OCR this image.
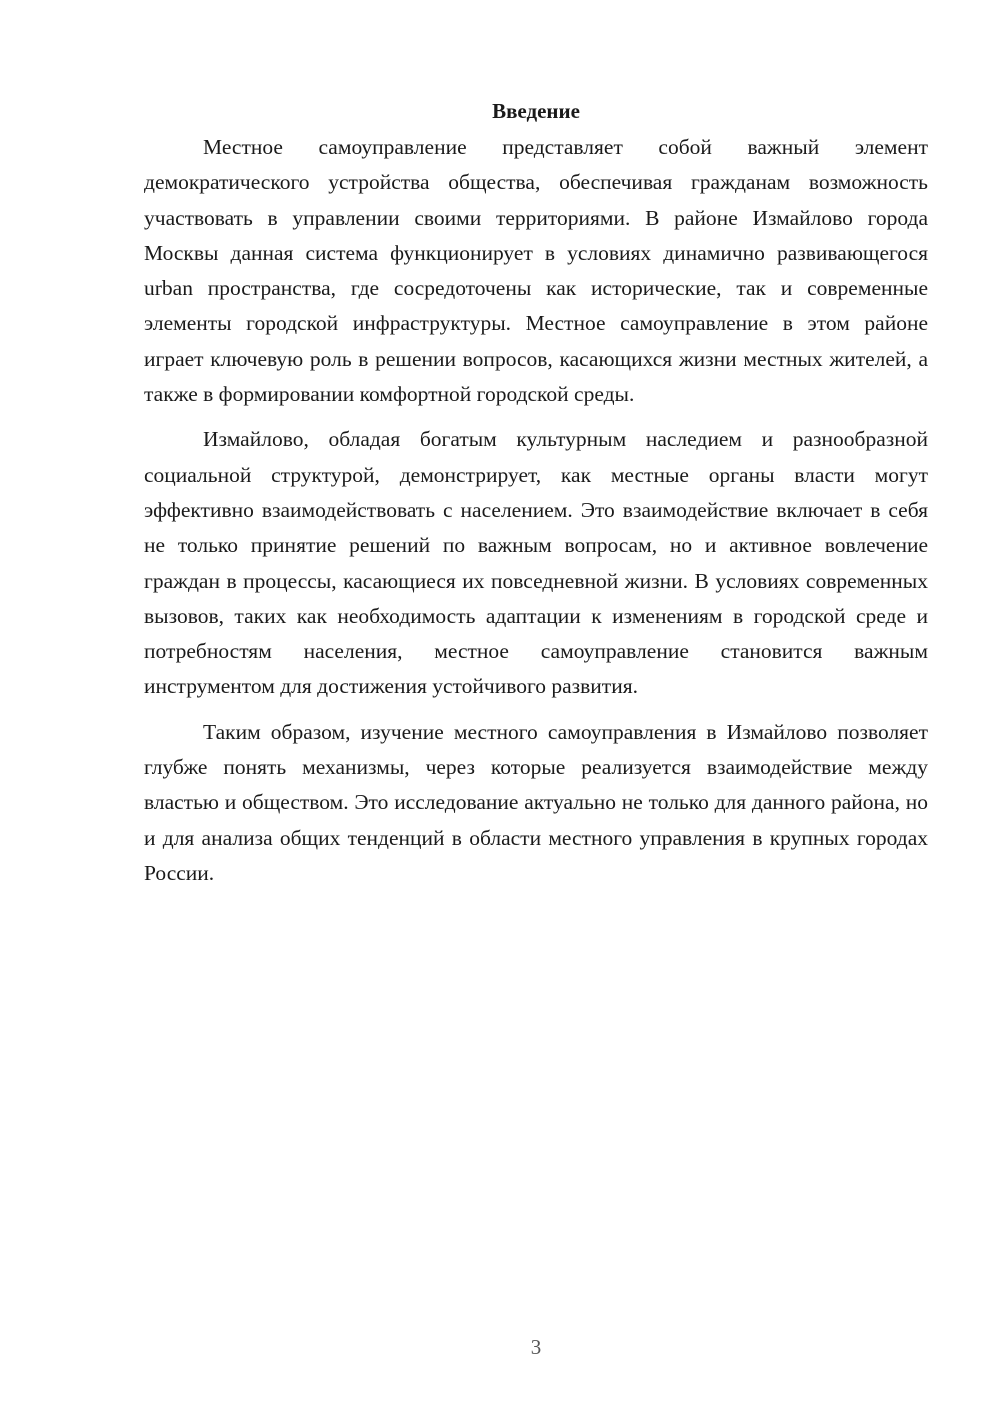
Введение

Местное самоуправление представляет собой важный элемент демократического устройства общества, обеспечивая гражданам возможность участвовать в управлении своими территориями. В районе Измайлово города Москвы данная система функционирует в условиях динамично развивающегося urban пространства, где сосредоточены как исторические, так и современные элементы городской инфраструктуры. Местное самоуправление в этом районе играет ключевую роль в решении вопросов, касающихся жизни местных жителей, а также в формировании комфортной городской среды.

Измайлово, обладая богатым культурным наследием и разнообразной социальной структурой, демонстрирует, как местные органы власти могут эффективно взаимодействовать с населением. Это взаимодействие включает в себя не только принятие решений по важным вопросам, но и активное вовлечение граждан в процессы, касающиеся их повседневной жизни. В условиях современных вызовов, таких как необходимость адаптации к изменениям в городской среде и потребностям населения, местное самоуправление становится важным инструментом для достижения устойчивого развития.

Таким образом, изучение местного самоуправления в Измайлово позволяет глубже понять механизмы, через которые реализуется взаимодействие между властью и обществом. Это исследование актуально не только для данного района, но и для анализа общих тенденций в области местного управления в крупных городах России.

3
